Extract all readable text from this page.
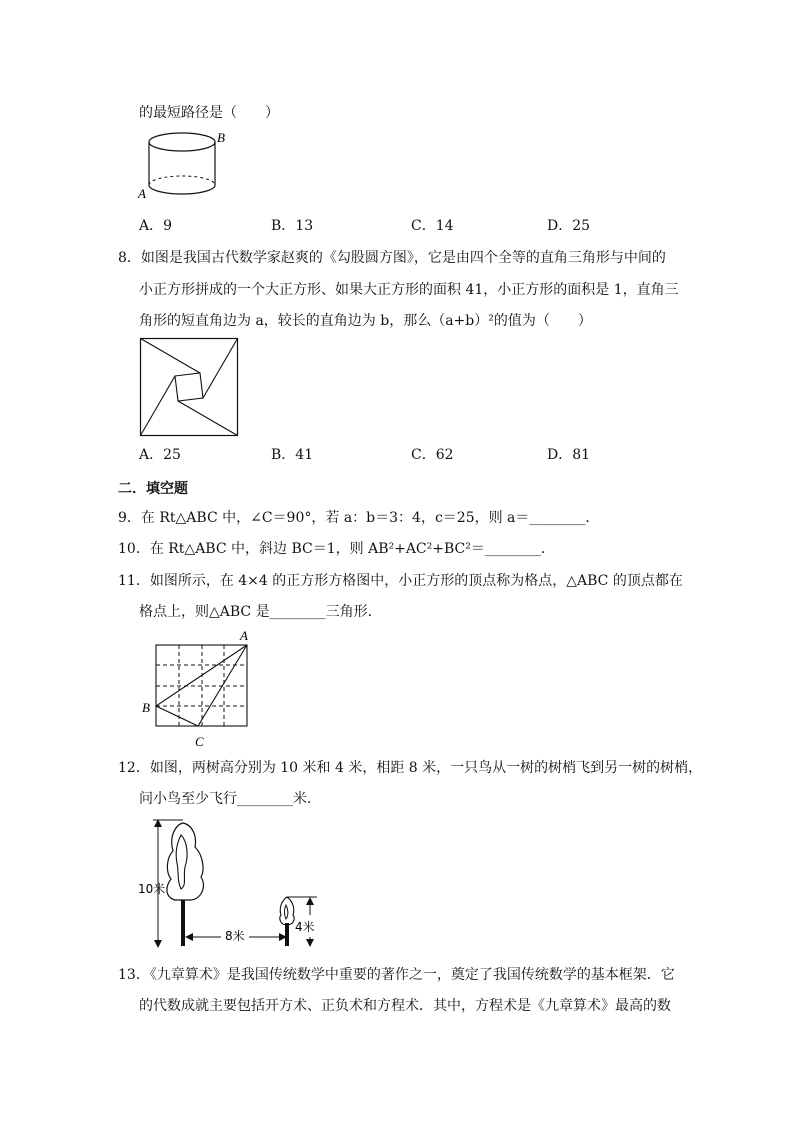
的最短路径是（　　）
B
A
A．9	B．13	C．14	D．25
8．如图是我国古代数学家赵爽的《勾股圆方图》，它是由四个全等的直角三角形与中间的
小正方形拼成的一个大正方形、如果大正方形的面积 41，小正方形的面积是 1，直角三
角形的短直角边为 a，较长的直角边为 b，那么（a+b）²的值为（　　）
A．25	B．41	C．62	D．81
二．填空题
9．在 Rt△ABC 中，∠C＝90°，若 a：b＝3：4，c＝25，则 a＝________．
10．在 Rt△ABC 中，斜边 BC＝1，则 AB²+AC²+BC²＝________．
11．如图所示，在 4×4 的正方形方格图中，小正方形的顶点称为格点，△ABC 的顶点都在
格点上，则△ABC 是________三角形．
A
B
C
12．如图，两树高分别为 10 米和 4 米，相距 8 米，一只鸟从一树的树梢飞到另一树的树梢，
问小鸟至少飞行________米．
10米
8米
4米
13．《九章算术》是我国传统数学中重要的著作之一，奠定了我国传统数学的基本框架．它
的代数成就主要包括开方术、正负术和方程术．其中，方程术是《九章算术》最高的数
